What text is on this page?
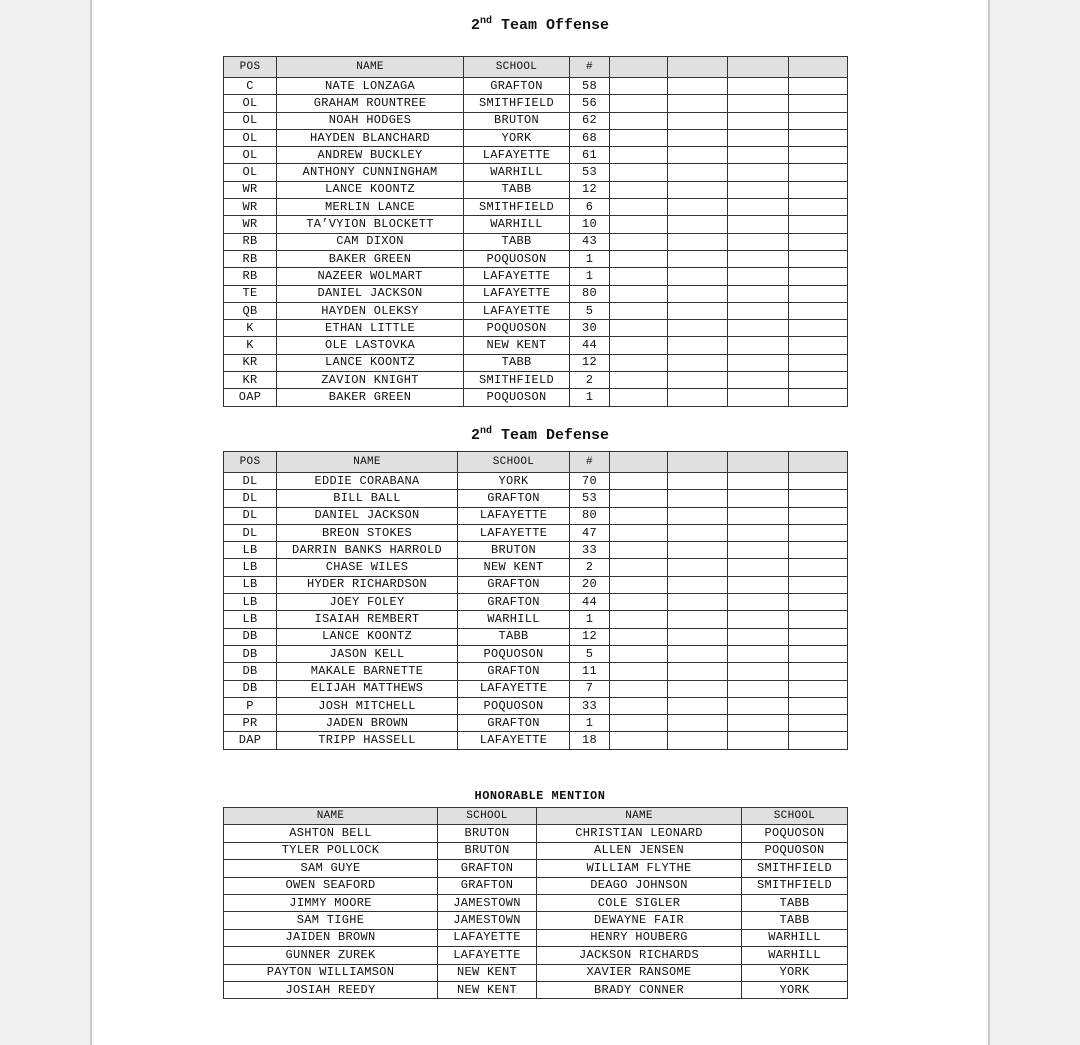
2nd Team Offense
POS	NAME	SCHOOL	#				
C	NATE LONZAGA	GRAFTON	58				
OL	GRAHAM ROUNTREE	SMITHFIELD	56				
OL	NOAH HODGES	BRUTON	62				
OL	HAYDEN BLANCHARD	YORK	68				
OL	ANDREW BUCKLEY	LAFAYETTE	61				
OL	ANTHONY CUNNINGHAM	WARHILL	53				
WR	LANCE KOONTZ	TABB	12				
WR	MERLIN LANCE	SMITHFIELD	6				
WR	TA’VYION BLOCKETT	WARHILL	10				
RB	CAM DIXON	TABB	43				
RB	BAKER GREEN	POQUOSON	1				
RB	NAZEER WOLMART	LAFAYETTE	1				
TE	DANIEL JACKSON	LAFAYETTE	80				
QB	HAYDEN OLEKSY	LAFAYETTE	5				
K	ETHAN LITTLE	POQUOSON	30				
K	OLE LASTOVKA	NEW KENT	44				
KR	LANCE KOONTZ	TABB	12				
KR	ZAVION KNIGHT	SMITHFIELD	2				
OAP	BAKER GREEN	POQUOSON	1				
2nd Team Defense
POS	NAME	SCHOOL	#				
DL	EDDIE CORABANA	YORK	70				
DL	BILL BALL	GRAFTON	53				
DL	DANIEL JACKSON	LAFAYETTE	80				
DL	BREON STOKES	LAFAYETTE	47				
LB	DARRIN BANKS HARROLD	BRUTON	33				
LB	CHASE WILES	NEW KENT	2				
LB	HYDER RICHARDSON	GRAFTON	20				
LB	JOEY FOLEY	GRAFTON	44				
LB	ISAIAH REMBERT	WARHILL	1				
DB	LANCE KOONTZ	TABB	12				
DB	JASON KELL	POQUOSON	5				
DB	MAKALE BARNETTE	GRAFTON	11				
DB	ELIJAH MATTHEWS	LAFAYETTE	7				
P	JOSH MITCHELL	POQUOSON	33				
PR	JADEN BROWN	GRAFTON	1				
DAP	TRIPP HASSELL	LAFAYETTE	18				
HONORABLE MENTION
NAME	SCHOOL	NAME	SCHOOL
ASHTON BELL	BRUTON	CHRISTIAN LEONARD	POQUOSON
TYLER POLLOCK	BRUTON	ALLEN JENSEN	POQUOSON
SAM GUYE	GRAFTON	WILLIAM FLYTHE	SMITHFIELD
OWEN SEAFORD	GRAFTON	DEAGO JOHNSON	SMITHFIELD
JIMMY MOORE	JAMESTOWN	COLE SIGLER	TABB
SAM TIGHE	JAMESTOWN	DEWAYNE FAIR	TABB
JAIDEN BROWN	LAFAYETTE	HENRY HOUBERG	WARHILL
GUNNER ZUREK	LAFAYETTE	JACKSON RICHARDS	WARHILL
PAYTON WILLIAMSON	NEW KENT	XAVIER RANSOME	YORK
JOSIAH REEDY	NEW KENT	BRADY CONNER	YORK
